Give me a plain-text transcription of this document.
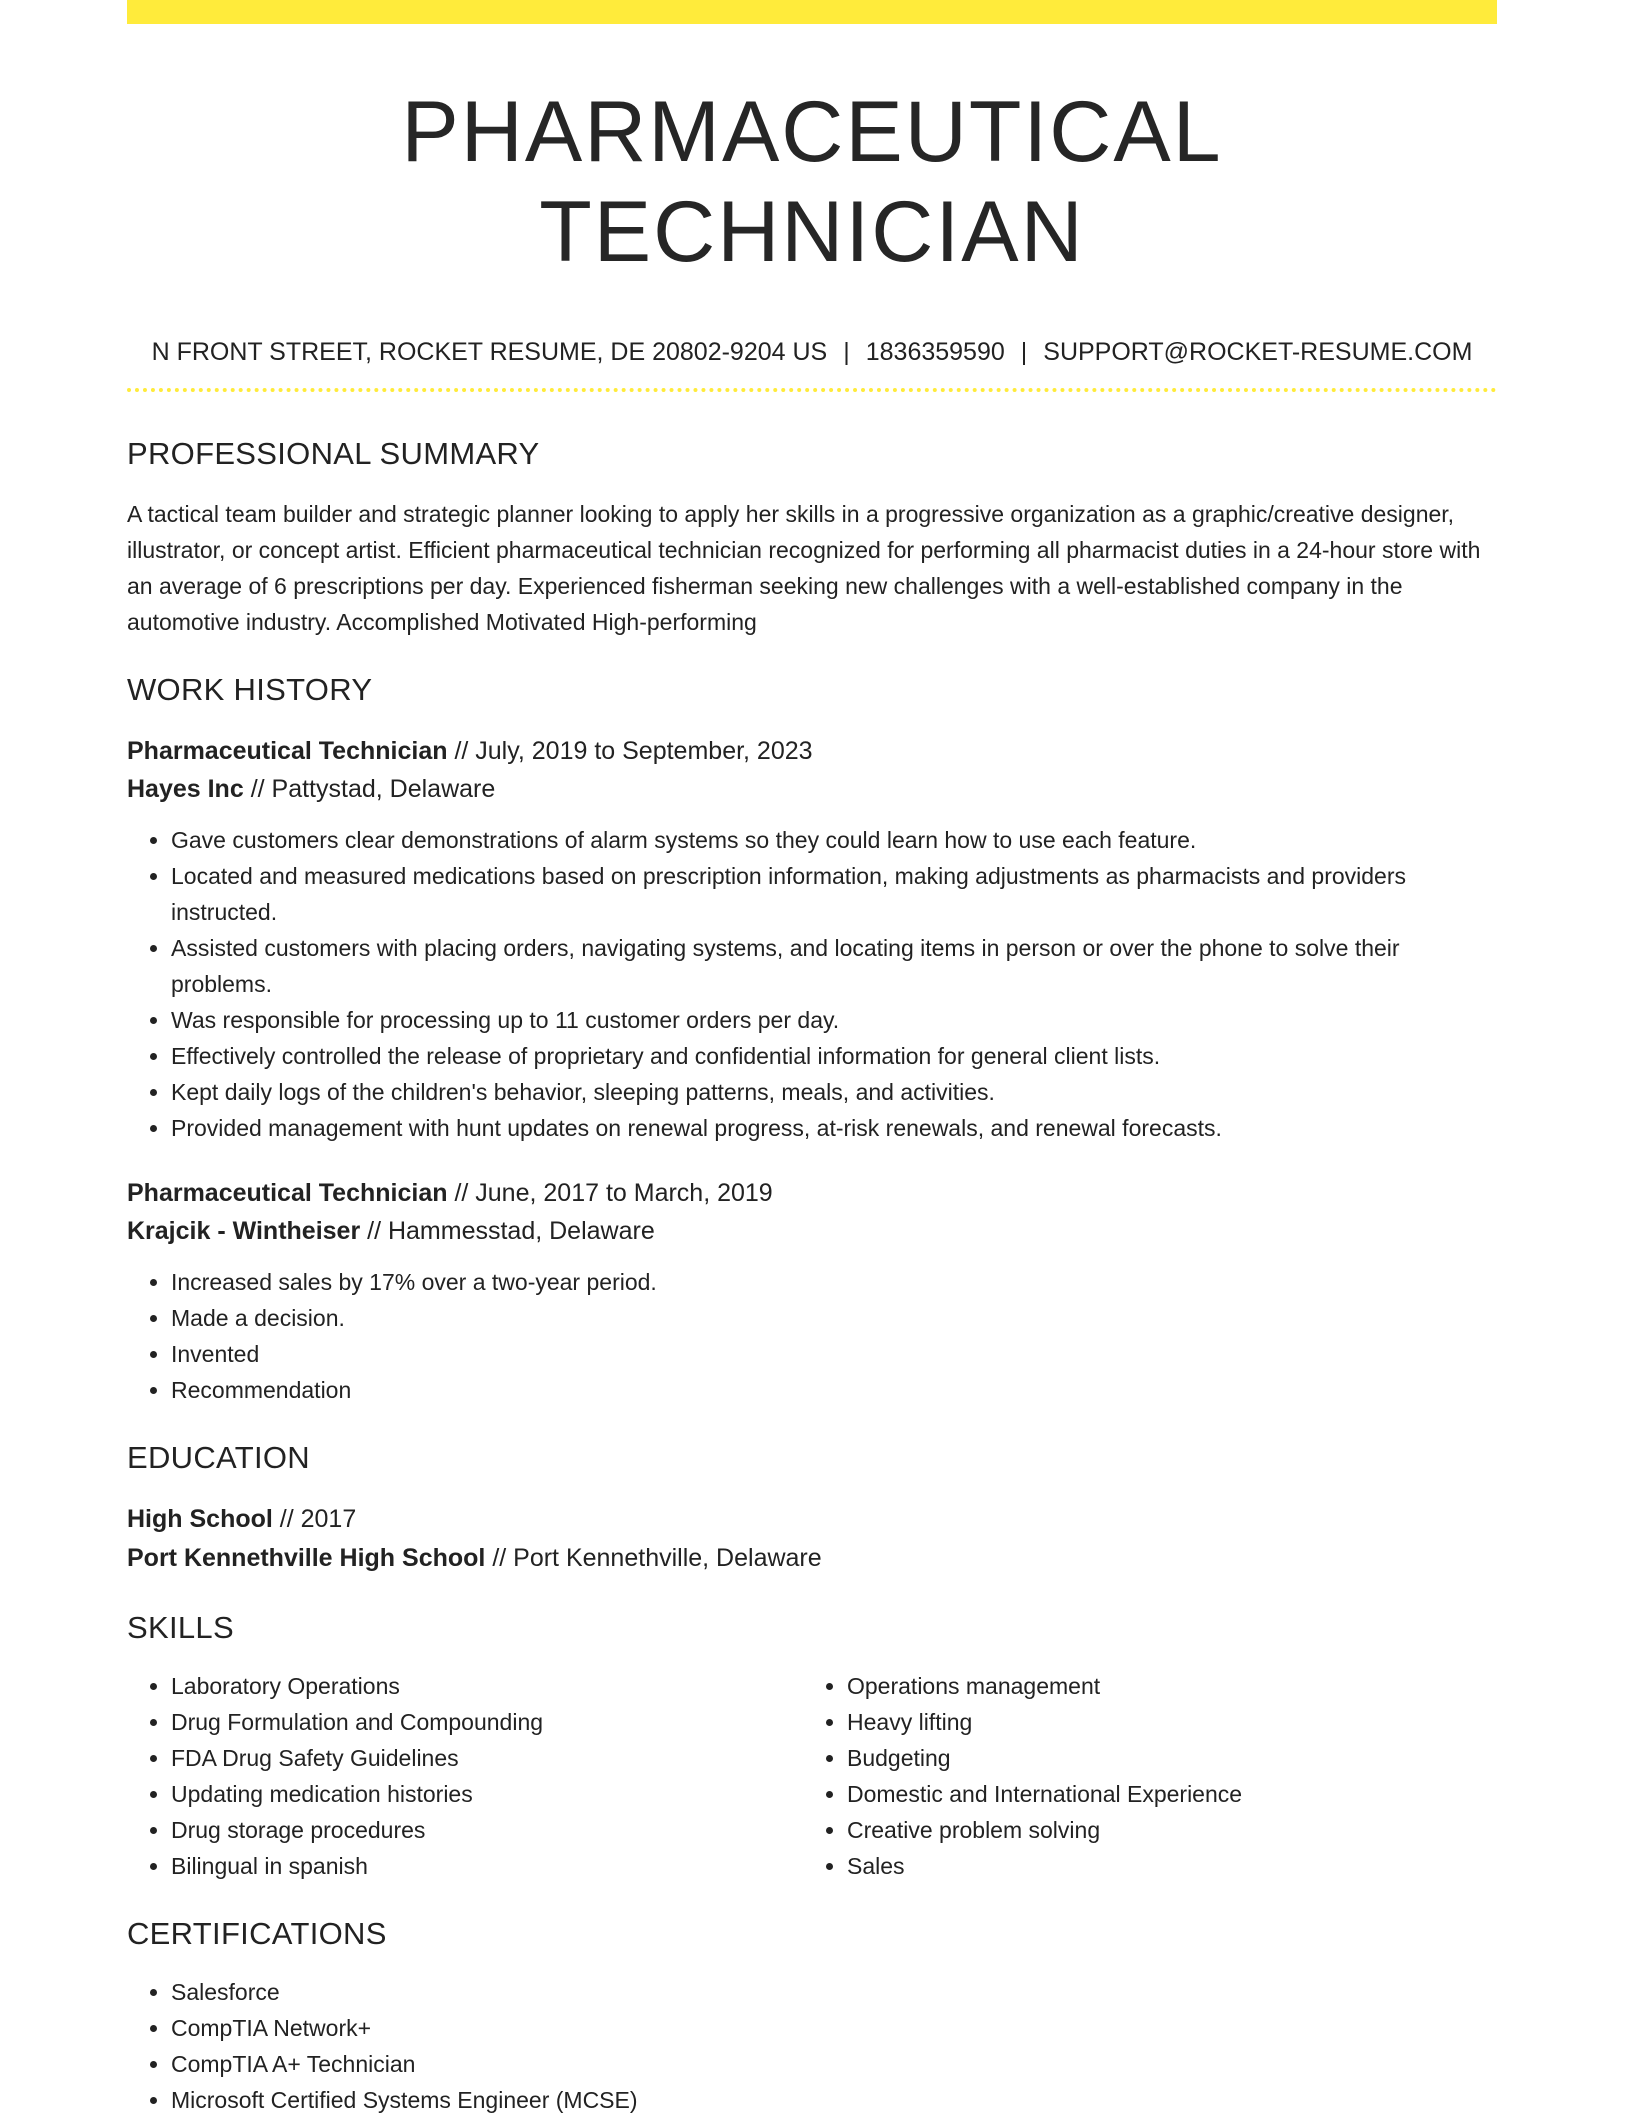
PHARMACEUTICAL TECHNICIAN
N FRONT STREET, ROCKET RESUME, DE 20802-9204 US | 1836359590 | SUPPORT@ROCKET-RESUME.COM
PROFESSIONAL SUMMARY
A tactical team builder and strategic planner looking to apply her skills in a progressive organization as a graphic/creative designer, illustrator, or concept artist. Efficient pharmaceutical technician recognized for performing all pharmacist duties in a 24-hour store with an average of 6 prescriptions per day. Experienced fisherman seeking new challenges with a well-established company in the automotive industry. Accomplished Motivated High-performing
WORK HISTORY
Pharmaceutical Technician // July, 2019 to September, 2023
Hayes Inc // Pattystad, Delaware
• Gave customers clear demonstrations of alarm systems so they could learn how to use each feature.
• Located and measured medications based on prescription information, making adjustments as pharmacists and providers instructed.
• Assisted customers with placing orders, navigating systems, and locating items in person or over the phone to solve their problems.
• Was responsible for processing up to 11 customer orders per day.
• Effectively controlled the release of proprietary and confidential information for general client lists.
• Kept daily logs of the children's behavior, sleeping patterns, meals, and activities.
• Provided management with hunt updates on renewal progress, at-risk renewals, and renewal forecasts.
Pharmaceutical Technician // June, 2017 to March, 2019
Krajcik - Wintheiser // Hammesstad, Delaware
• Increased sales by 17% over a two-year period.
• Made a decision.
• Invented
• Recommendation
EDUCATION
High School // 2017
Port Kennethville High School // Port Kennethville, Delaware
SKILLS
• Laboratory Operations
• Drug Formulation and Compounding
• FDA Drug Safety Guidelines
• Updating medication histories
• Drug storage procedures
• Bilingual in spanish
• Operations management
• Heavy lifting
• Budgeting
• Domestic and International Experience
• Creative problem solving
• Sales
CERTIFICATIONS
• Salesforce
• CompTIA Network+
• CompTIA A+ Technician
• Microsoft Certified Systems Engineer (MCSE)
